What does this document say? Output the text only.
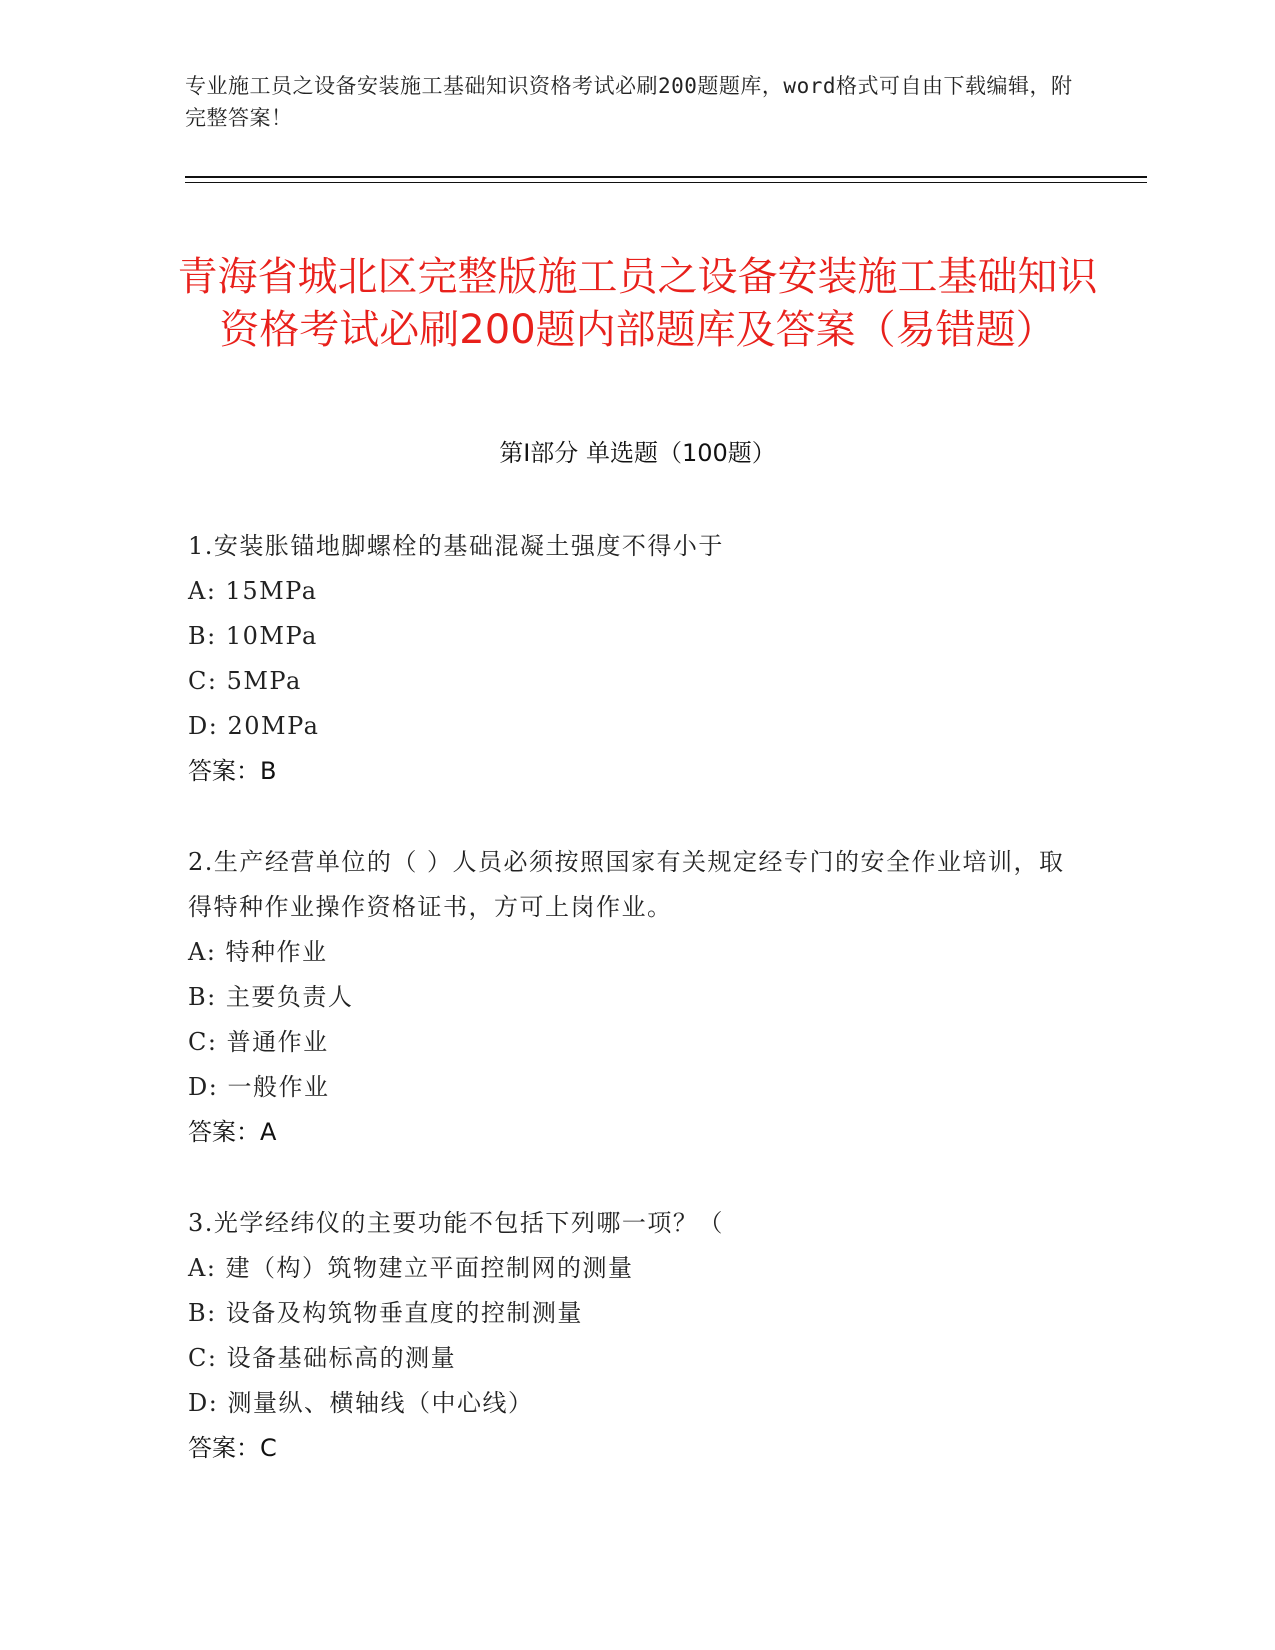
专业施工员之设备安装施工基础知识资格考试必刷200题题库，word格式可自由下载编辑，附完整答案！
青海省城北区完整版施工员之设备安装施工基础知识资格考试必刷200题内部题库及答案（易错题）
第I部分 单选题（100题）

1.安装胀锚地脚螺栓的基础混凝土强度不得小于

A: 15MPa

B: 10MPa

C: 5MPa

D: 20MPa

答案：B

2.生产经营单位的（ ）人员必须按照国家有关规定经专门的安全作业培训，取得特种作业操作资格证书，方可上岗作业。

A: 特种作业

B: 主要负责人

C: 普通作业

D: 一般作业

答案：A

3.光学经纬仪的主要功能不包括下列哪一项？（

A: 建（构）筑物建立平面控制网的测量

B: 设备及构筑物垂直度的控制测量

C: 设备基础标高的测量

D: 测量纵、横轴线（中心线）

答案：C
